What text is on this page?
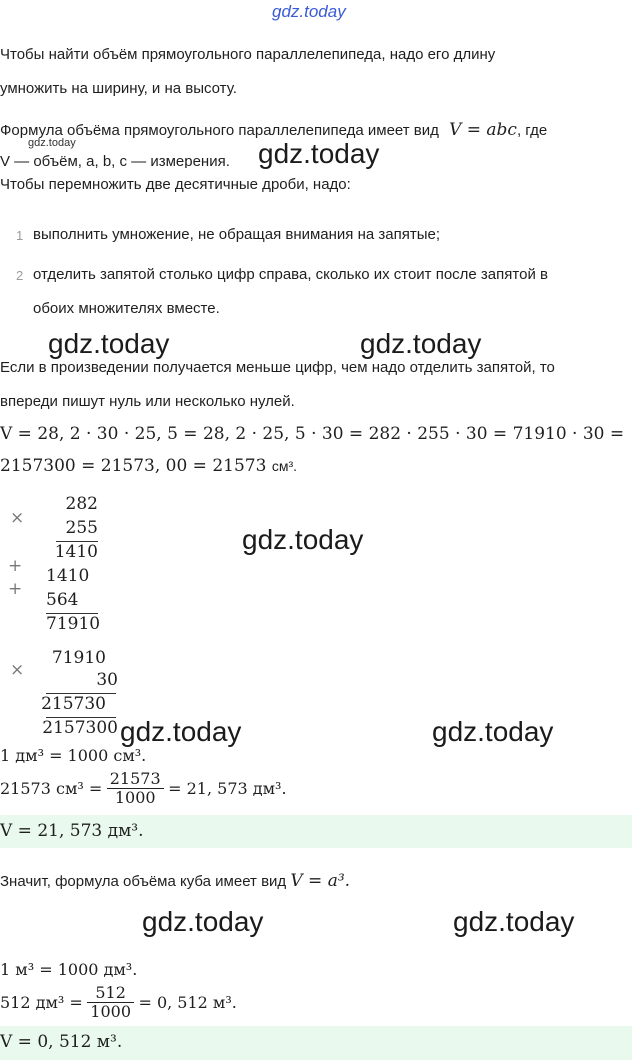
gdz.today
Чтобы найти объём прямоугольного параллелепипеда, надо его длину
умножить на ширину, и на высоту.
Формула объёма прямоугольного параллелепипеда имеет вид V = abc, где
V — объём, a, b, c — измерения.
gdz.today	gdz.today
Чтобы перемножить две десятичные дроби, надо:
1 выполнить умножение, не обращая внимания на запятые;
2 отделить запятой столько цифр справа, сколько их стоит после запятой в
обоих множителях вместе.
gdz.today	gdz.today
Если в произведении получается меньше цифр, чем надо отделить запятой, то
впереди пишут нуль или несколько нулей.
V = 28, 2 · 30 · 25, 5 = 28, 2 · 25, 5 · 30 = 282 · 255 · 30 = 71910 · 30 =
2157300 = 21573, 00 = 21573 см³.
×
282
255
1410
+
+
1410
564
71910
gdz.today
×
71910
30
215730
2157300 gdz.today	gdz.today
1 дм³ = 1000 см³.
21573 $см^3 = \frac{21573}{1000} = 21$, 573 дм³.
V = 21, 573 дм³.
Значит, формула объёма куба имеет вид V = a³.
gdz.today	gdz.today
1 м³ = 1000 дм³.
512 $дм^3 = \frac{512}{1000} = 0$, 512 м³.
V = 0, 512 м³.
